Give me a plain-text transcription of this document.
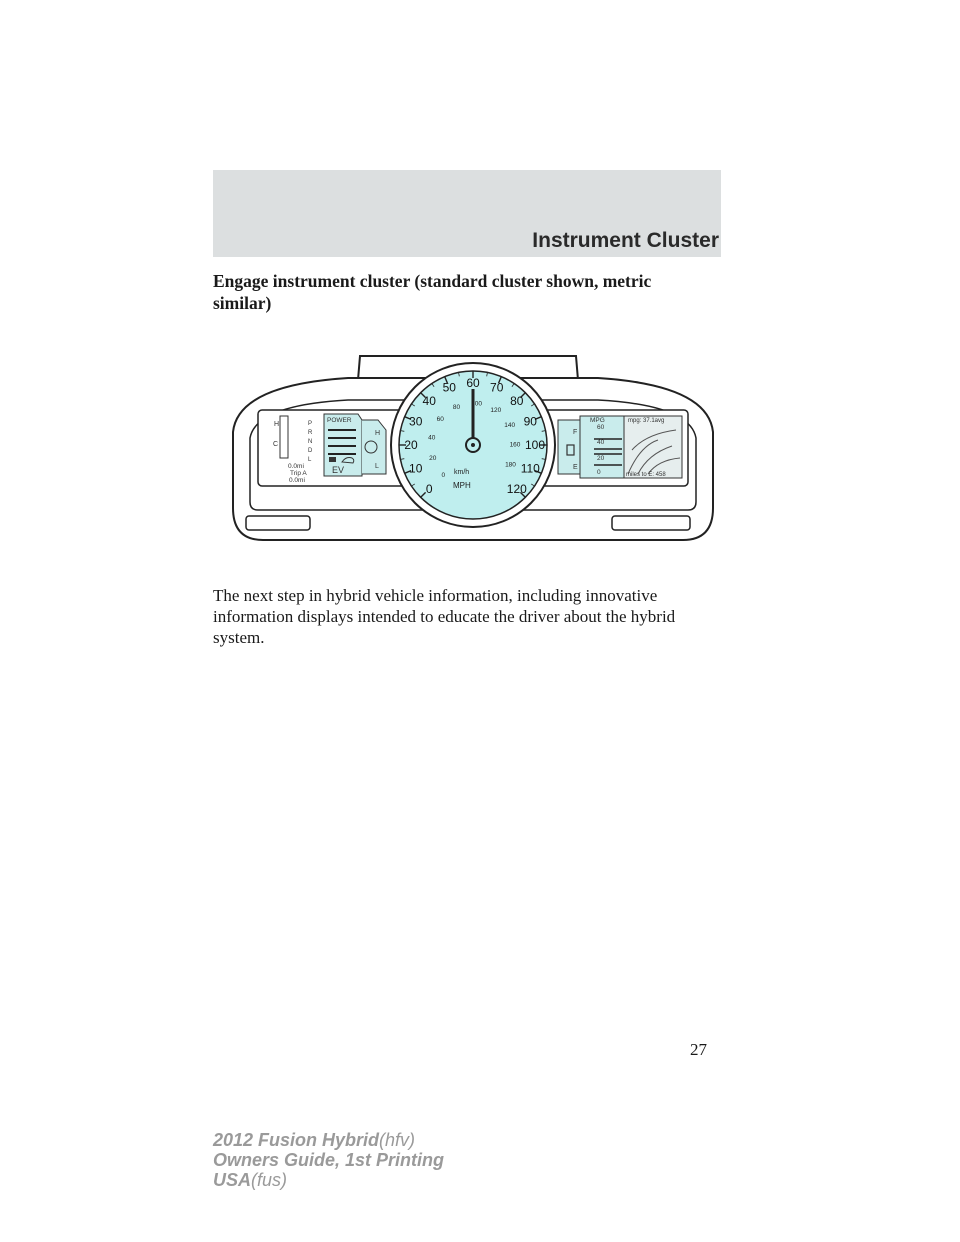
Instrument Cluster
Engage instrument cluster (standard cluster shown, metric
similar)
H
C
P
R
N
D
L
0.0mi
Trip A
0.0mi
POWER
EV
H
L
F
E
MPG
60
40
20
0
mpg: 37.1avg
miles to E: 458
0
10
20
30
40
50 60 70
80
90
100
110
120
0
20
40
60
80 100
120
140
160
180
MPH
km/h
The next step in hybrid vehicle information, including innovative
information displays intended to educate the driver about the hybrid
system.
27
2012 Fusion Hybrid(hfv)
Owners Guide, 1st Printing
USA(fus)
